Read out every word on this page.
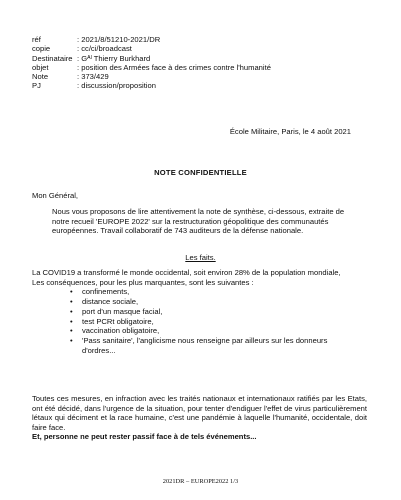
réf	: 2021/8/51210-2021/DR
copie	: cc/ci/broadcast
Destinataire	: Gᴬˡ Thierry Burkhard
objet	: position des Armées face à des crimes contre l'humanité
Note	: 373/429
PJ	: discussion/proposition
École Militaire, Paris, le 4 août 2021
NOTE CONFIDENTIELLE
Mon Général,

Nous vous proposons de lire attentivement la note de synthèse, ci-dessous, extraite de notre recueil 'EUROPE 2022' sur la restructuration géopolitique des communautés européennes. Travail collaboratif de 743 auditeurs de la défense nationale.

Les faits.

La COVID19 a transformé le monde occidental, soit environ 28% de la population mondiale,

Les conséquences, pour les plus marquantes, sont les suivantes :

• confinements,
• distance sociale,
• port d'un masque facial,
• test PCRt obligatoire,
• vaccination obligatoire,
• 'Pass sanitaire', l'anglicisme nous renseigne par ailleurs sur les donneurs d'ordres...

Toutes ces mesures, en infraction avec les traités nationaux et internationaux ratifiés par les Etats, ont été décidé, dans l'urgence de la situation, pour tenter d'endiguer l'effet de virus particulièrement létaux qui déciment et la race humaine, c'est une pandémie à laquelle l'humanité, occidentale, doit faire face.

Et, personne ne peut rester passif face à de tels événements...
2021DR – EUROPE2022 1/3
